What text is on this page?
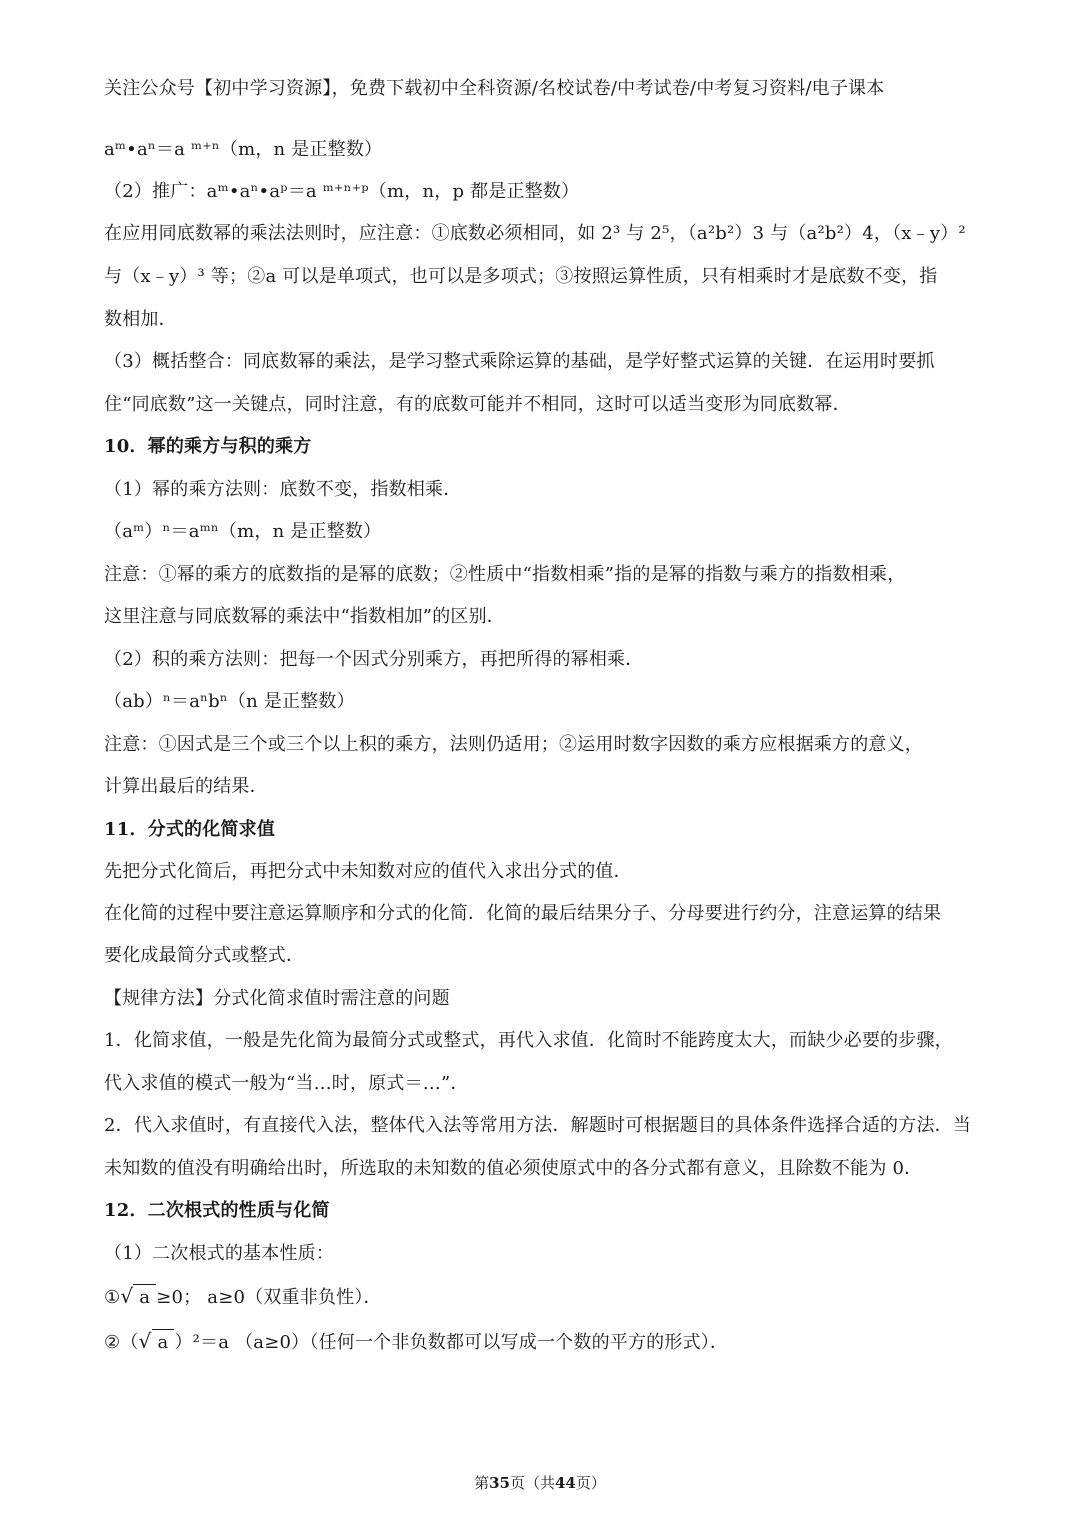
关注公众号【初中学习资源】，免费下载初中全科资源/名校试卷/中考试卷/中考复习资料/电子课本
aᵐ•aⁿ＝a ᵐ⁺ⁿ（m，n 是正整数）
（2）推广：aᵐ•aⁿ•aᵖ＝a ᵐ⁺ⁿ⁺ᵖ（m，n，p 都是正整数）
在应用同底数幂的乘法法则时，应注意：①底数必须相同，如 2³ 与 2⁵，（a²b²）3 与（a²b²）4，（x﹣y）²
与（x﹣y）³ 等；②a 可以是单项式，也可以是多项式；③按照运算性质，只有相乘时才是底数不变，指
数相加．
（3）概括整合：同底数幂的乘法，是学习整式乘除运算的基础，是学好整式运算的关键．在运用时要抓
住“同底数”这一关键点，同时注意，有的底数可能并不相同，这时可以适当变形为同底数幂．
10．幂的乘方与积的乘方
（1）幂的乘方法则：底数不变，指数相乘．
（aᵐ）ⁿ＝aᵐⁿ（m，n 是正整数）
注意：①幂的乘方的底数指的是幂的底数；②性质中“指数相乘”指的是幂的指数与乘方的指数相乘，
这里注意与同底数幂的乘法中“指数相加”的区别．
（2）积的乘方法则：把每一个因式分别乘方，再把所得的幂相乘．
（ab）ⁿ＝aⁿbⁿ（n 是正整数）
注意：①因式是三个或三个以上积的乘方，法则仍适用；②运用时数字因数的乘方应根据乘方的意义，
计算出最后的结果．
11．分式的化简求值
先把分式化简后，再把分式中未知数对应的值代入求出分式的值．
在化简的过程中要注意运算顺序和分式的化简．化简的最后结果分子、分母要进行约分，注意运算的结果
要化成最简分式或整式．
【规律方法】分式化简求值时需注意的问题
1．化简求值，一般是先化简为最简分式或整式，再代入求值．化简时不能跨度太大，而缺少必要的步骤，
代入求值的模式一般为“当…时，原式＝…”．
2．代入求值时，有直接代入法，整体代入法等常用方法．解题时可根据题目的具体条件选择合适的方法．当
未知数的值没有明确给出时，所选取的未知数的值必须使原式中的各分式都有意义，且除数不能为 0．
12．二次根式的性质与化简
（1）二次根式的基本性质：
①√ a ≥0； a≥0（双重非负性）．
②（√ a ）²＝a （a≥0）（任何一个非负数都可以写成一个数的平方的形式）．
第35页（共44页）
